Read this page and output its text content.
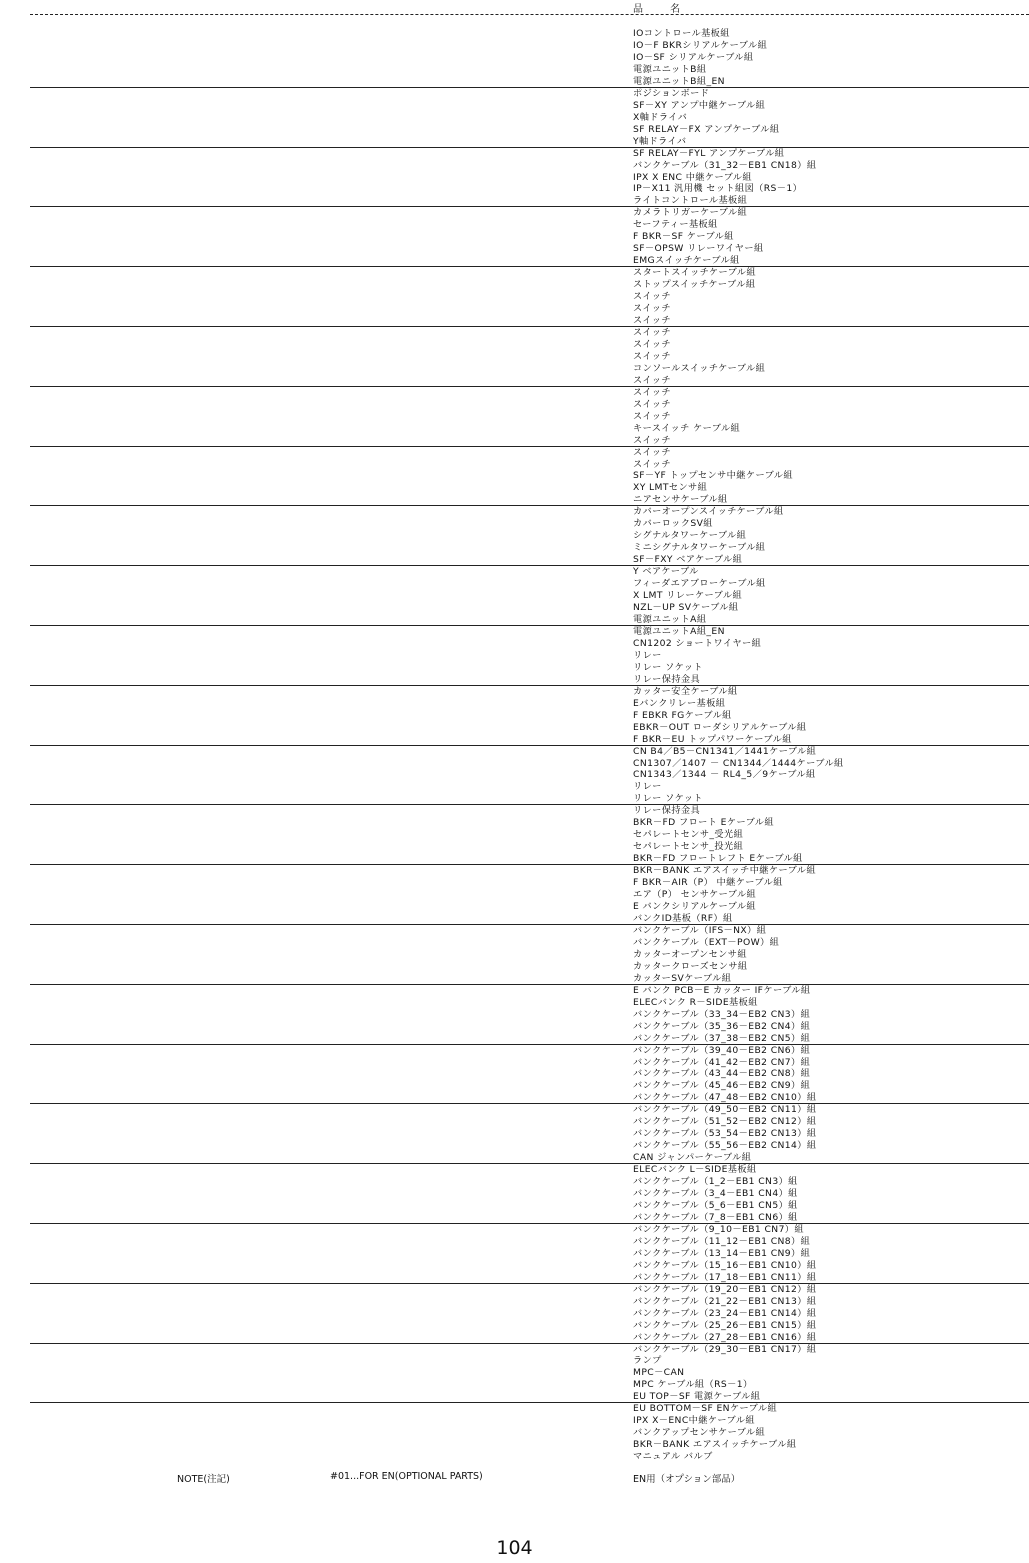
品 名
IOコントロール基板組
IO－F BKRシリアルケーブル組
IO－SF シリアルケーブル組
電源ユニットB組
電源ユニットB組_EN
ポジションボード
SF－XY アンプ中継ケーブル組
X軸ドライバ
SF RELAY－FX アンプケーブル組
Y軸ドライバ
SF RELAY－FYL アンプケーブル組
バンクケーブル（31_32－EB1 CN18）組
IPX X ENC 中継ケーブル組
IP－X11 汎用機 セット組図（RS－1）
ライトコントロール基板組
カメラトリガーケーブル組
セーフティー基板組
F BKR－SF ケーブル組
SF－OPSW リレーワイヤー組
EMGスイッチケーブル組
スタートスイッチケーブル組
ストップスイッチケーブル組
スイッチ
スイッチ
スイッチ
スイッチ
スイッチ
スイッチ
コンソールスイッチケーブル組
スイッチ
スイッチ
スイッチ
スイッチ
キースイッチ ケーブル組
スイッチ
スイッチ
スイッチ
SF－YF トップセンサ中継ケーブル組
XY LMTセンサ組
ニアセンサケーブル組
カバーオープンスイッチケーブル組
カバーロックSV組
シグナルタワーケーブル組
ミニシグナルタワーケーブル組
SF－FXY ベアケーブル組
Y ベアケーブル
フィーダエアブローケーブル組
X LMT リレーケーブル組
NZL－UP SVケーブル組
電源ユニットA組
電源ユニットA組_EN
CN1202 ショートワイヤー組
リレー
リレー ソケット
リレー保持金具
カッター安全ケーブル組
Eバンクリレー基板組
F EBKR FGケーブル組
EBKR－OUT ローダシリアルケーブル組
F BKR－EU トップパワーケーブル組
CN B4／B5－CN1341／1441ケーブル組
CN1307／1407 － CN1344／1444ケーブル組
CN1343／1344 － RL4_5／9ケーブル組
リレー
リレー ソケット
リレー保持金具
BKR－FD フロート Eケーブル組
セパレートセンサ_受光組
セパレートセンサ_投光組
BKR－FD フロートレフト Eケーブル組
BKR－BANK エアスイッチ中継ケーブル組
F BKR－AIR（P） 中継ケーブル組
エア（P） センサケーブル組
E バンクシリアルケーブル組
バンクID基板（RF）組
バンクケーブル（IFS－NX）組
バンクケーブル（EXT－POW）組
カッターオープンセンサ組
カッタークローズセンサ組
カッターSVケーブル組
E バンク PCB－E カッター IFケーブル組
ELECバンク R－SIDE基板組
バンクケーブル（33_34－EB2 CN3）組
バンクケーブル（35_36－EB2 CN4）組
バンクケーブル（37_38－EB2 CN5）組
バンクケーブル（39_40－EB2 CN6）組
バンクケーブル（41_42－EB2 CN7）組
バンクケーブル（43_44－EB2 CN8）組
バンクケーブル（45_46－EB2 CN9）組
バンクケーブル（47_48－EB2 CN10）組
バンクケーブル（49_50－EB2 CN11）組
バンクケーブル（51_52－EB2 CN12）組
バンクケーブル（53_54－EB2 CN13）組
バンクケーブル（55_56－EB2 CN14）組
CAN ジャンパーケーブル組
ELECバンク L－SIDE基板組
バンクケーブル（1_2－EB1 CN3）組
バンクケーブル（3_4－EB1 CN4）組
バンクケーブル（5_6－EB1 CN5）組
バンクケーブル（7_8－EB1 CN6）組
バンクケーブル（9_10－EB1 CN7）組
バンクケーブル（11_12－EB1 CN8）組
バンクケーブル（13_14－EB1 CN9）組
バンクケーブル（15_16－EB1 CN10）組
バンクケーブル（17_18－EB1 CN11）組
バンクケーブル（19_20－EB1 CN12）組
バンクケーブル（21_22－EB1 CN13）組
バンクケーブル（23_24－EB1 CN14）組
バンクケーブル（25_26－EB1 CN15）組
バンクケーブル（27_28－EB1 CN16）組
バンクケーブル（29_30－EB1 CN17）組
ランプ
MPC－CAN
MPC ケーブル組（RS－1）
EU TOP－SF 電源ケーブル組
EU BOTTOM－SF ENケーブル組
IPX X－ENC中継ケーブル組
バンクアップセンサケーブル組
BKR－BANK エアスイッチケーブル組
マニュアル バルブ
NOTE(注記)	#01...FOR EN(OPTIONAL PARTS)	EN用（オプション部品）
104
